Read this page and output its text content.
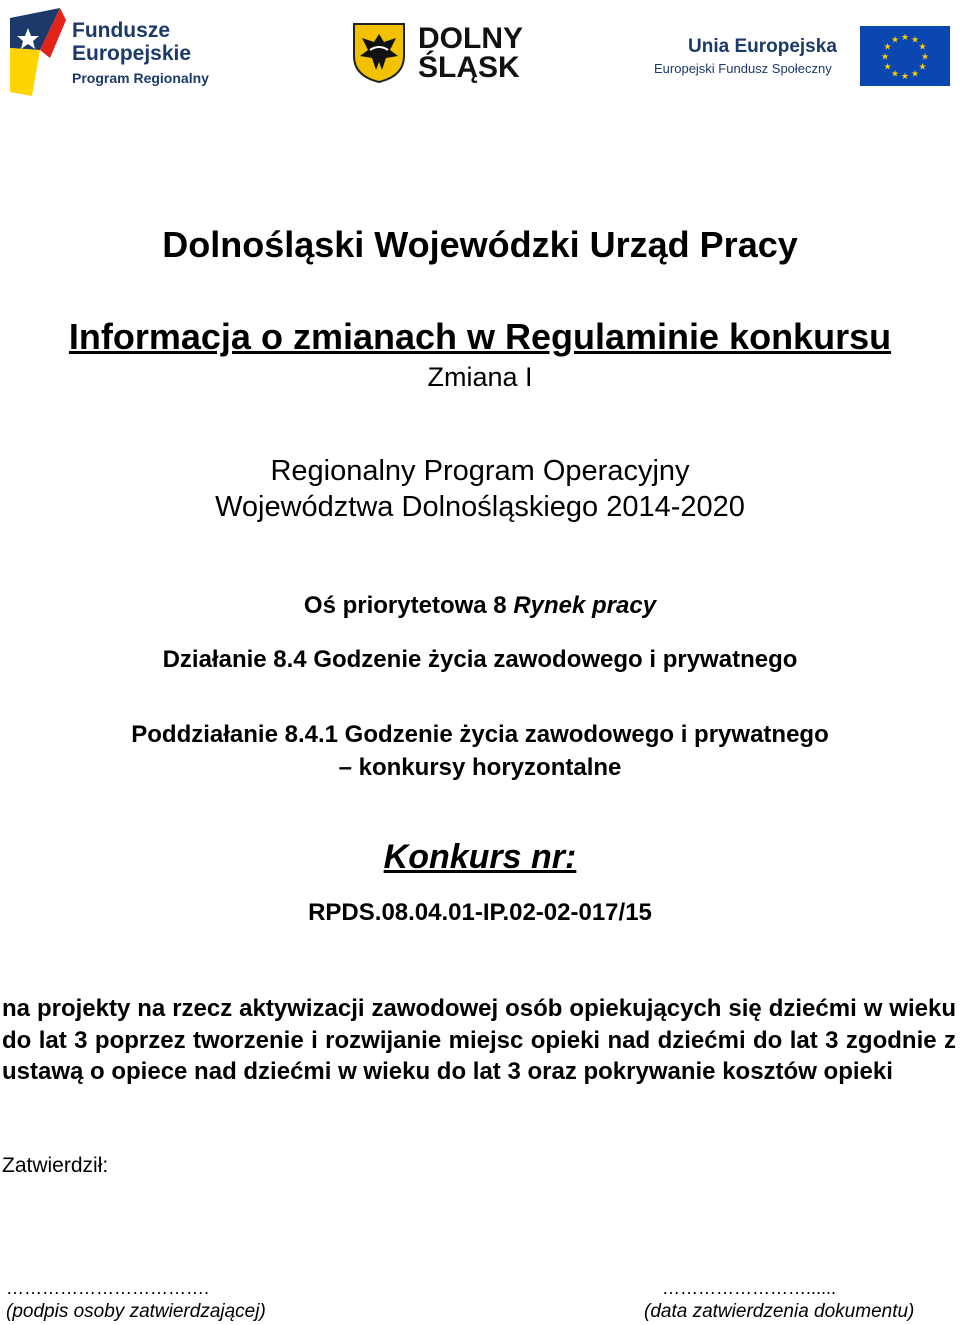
Fundusze
Europejskie
Program Regionalny
DOLNY
ŚLĄSK
Unia Europejska
Europejski Fundusz Społeczny
★ ★
★
★
★
★
★
★
★
★
★
★
Dolnośląski Wojewódzki Urząd Pracy
Informacja o zmianach w Regulaminie konkursu
Zmiana I
Regionalny Program Operacyjny
Województwa Dolnośląskiego 2014-2020
Oś priorytetowa 8 Rynek pracy
Działanie 8.4 Godzenie życia zawodowego i prywatnego
Poddziałanie 8.4.1 Godzenie życia zawodowego i prywatnego
– konkursy horyzontalne
Konkurs nr:
RPDS.08.04.01-IP.02-02-017/15
na projekty na rzecz aktywizacji zawodowej osób opiekujących się dziećmi w wieku do lat 3 poprzez tworzenie i rozwijanie miejsc opieki nad dziećmi do lat 3 zgodnie z ustawą o opiece nad dziećmi w wieku do lat 3 oraz pokrywanie kosztów opieki
Zatwierdził:
…………………………….	……………………......
(podpis osoby zatwierdzającej)	(data zatwierdzenia dokumentu)
